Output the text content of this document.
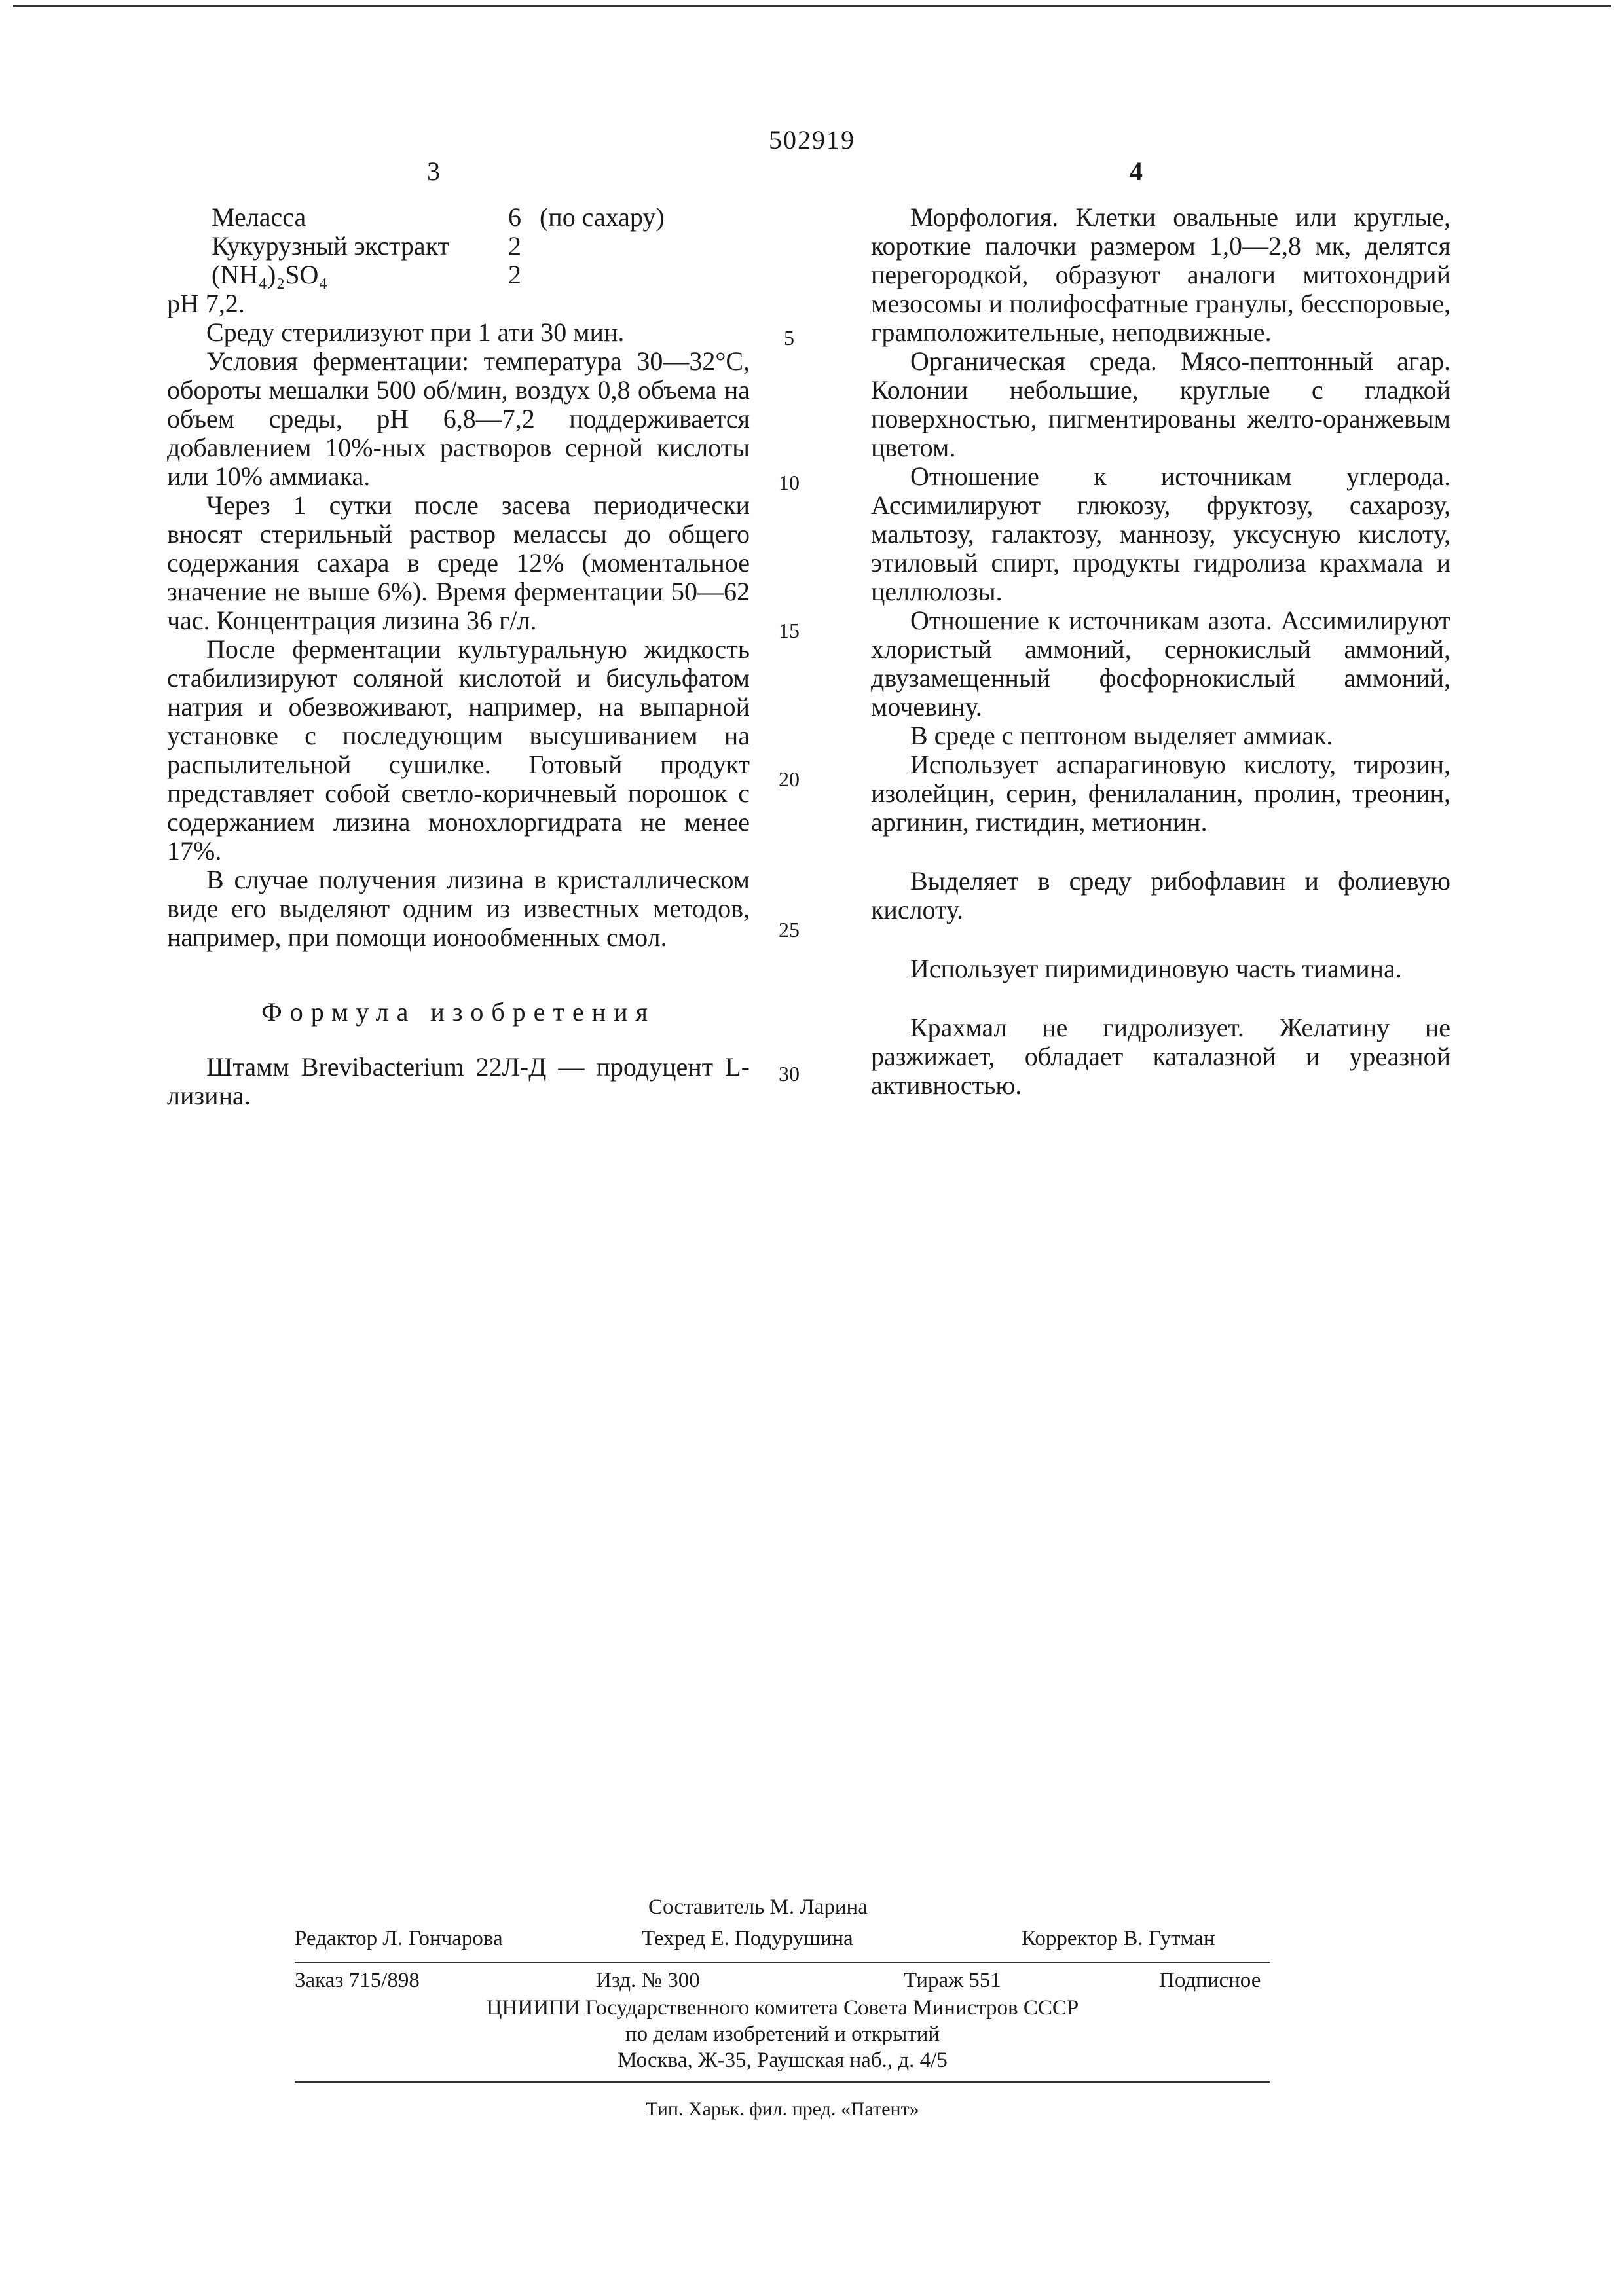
502919
3	4
Меласса	6	(по сахару)
Кукурузный экстракт	2	
(NH₄)₂SO₄	2	
pH 7,2.

Среду стерилизуют при 1 ати 30 мин.

Условия ферментации: температура 30—32°С, обороты мешалки 500 об/мин, воздух 0,8 объема на объем среды, pH 6,8—7,2 поддерживается добавлением 10%-ных растворов серной кислоты или 10% аммиака.

Через 1 сутки после засева периодически вносят стерильный раствор мелассы до общего содержания сахара в среде 12% (моментальное значение не выше 6%). Время ферментации 50—62 час. Концентрация лизина 36 г/л.

После ферментации культуральную жидкость стабилизируют соляной кислотой и бисульфатом натрия и обезвоживают, например, на выпарной установке с последующим высушиванием на распылительной сушилке. Готовый продукт представляет собой светло-коричневый порошок с содержанием лизина монохлоргидрата не менее 17%.

В случае получения лизина в кристаллическом виде его выделяют одним из известных методов, например, при помощи ионообменных смол.

Формула изобретения

Штамм Brevibacterium 22Л-Д — продуцент L-лизина.

5
10
15
20
25
30

Морфология. Клетки овальные или круглые, короткие палочки размером 1,0—2,8 мк, делятся перегородкой, образуют аналоги митохондрий мезосомы и полифосфатные гранулы, бесспоровые, грамположительные, неподвижные.

Органическая среда. Мясо-пептонный агар. Колонии небольшие, круглые с гладкой поверхностью, пигментированы желто-оранжевым цветом.

Отношение к источникам углерода. Ассимилируют глюкозу, фруктозу, сахарозу, мальтозу, галактозу, маннозу, уксусную кислоту, этиловый спирт, продукты гидролиза крахмала и целлюлозы.

Отношение к источникам азота. Ассимилируют хлористый аммоний, сернокислый аммоний, двузамещенный фосфорнокислый аммоний, мочевину.

В среде с пептоном выделяет аммиак.

Использует аспарагиновую кислоту, тирозин, изолейцин, серин, фенилаланин, пролин, треонин, аргинин, гистидин, метионин.

Выделяет в среду рибофлавин и фолиевую кислоту.

Использует пиримидиновую часть тиамина.

Крахмал не гидролизует. Желатину не разжижает, обладает каталазной и уреазной активностью.

Составитель М. Ларина
Редактор Л. Гончарова	Техред Е. Подурушина	Корректор В. Гутман
Заказ 715/898	Изд. № 300	Тираж 551	Подписное
ЦНИИПИ Государственного комитета Совета Министров СССР
по делам изобретений и открытий
Москва, Ж-35, Раушская наб., д. 4/5
Тип. Харьк. фил. пред. «Патент»
